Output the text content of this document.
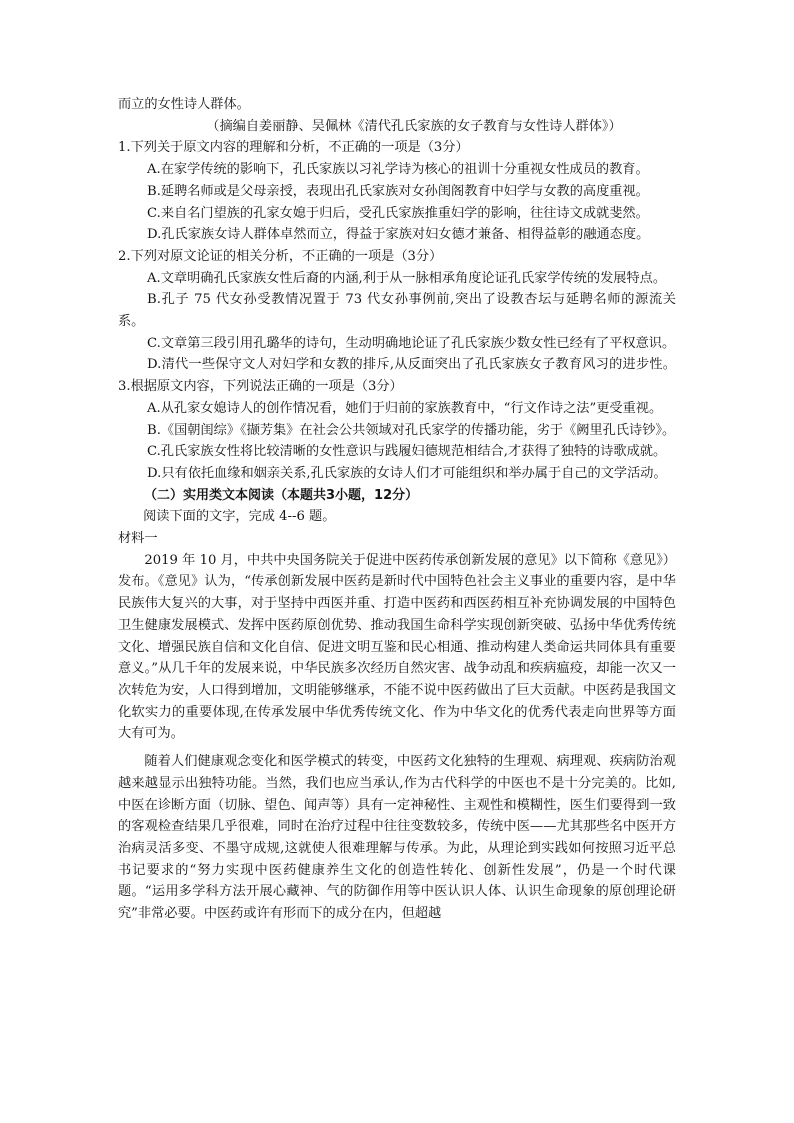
而立的女性诗人群体。

（摘编自姜丽静、吴佩林《清代孔氏家族的女子教育与女性诗人群体》）

1.下列关于原文内容的理解和分析，不正确的一项是（3分）

A.在家学传统的影响下，孔氏家族以习礼学诗为核心的祖训十分重视女性成员的教育。

B.延聘名师或是父母亲授，表现出孔氏家族对女孙闺阁教育中妇学与女教的高度重视。

C.来自名门望族的孔家女媳于归后，受孔氏家族推重妇学的影响，往往诗文成就斐然。

D.孔氏家族女诗人群体卓然而立，得益于家族对妇女德才兼备、相得益彰的融通态度。

2.下列对原文论证的相关分析，不正确的一项是（3分）

A.文章明确孔氏家族女性后裔的内涵,利于从一脉相承角度论证孔氏家学传统的发展特点。

B.孔子 75 代女孙受教情况置于 73 代女孙事例前,突出了设教杏坛与延聘名师的源流关系。

C.文章第三段引用孔璐华的诗句，生动明确地论证了孔氏家族少数女性已经有了平权意识。

D.清代一些保守文人对妇学和女教的排斥,从反面突出了孔氏家族女子教育风习的进步性。3.根据原文内容，下列说法正确的一项是（3分）

A.从孔家女媳诗人的创作情况看，她们于归前的家族教育中，“行文作诗之法”更受重视。

B.《国朝闺综》《撷芳集》在社会公共领域对孔氏家学的传播功能，劣于《阙里孔氏诗钞》。

C.孔氏家族女性将比较清晰的女性意识与践履妇德规范相结合,才获得了独特的诗歌成就。

D.只有依托血缘和姻亲关系,孔氏家族的女诗人们才可能组织和举办属于自己的文学活动。

（二）实用类文本阅读（本题共3小题，12分）

阅读下面的文字，完成 4--6 题。

材料一

2019 年 10 月，中共中央国务院关于促进中医药传承创新发展的意见》以下简称《意见》）发布。《意见》认为，“传承创新发展中医药是新时代中国特色社会主义事业的重要内容，是中华民族伟大复兴的大事，对于坚持中西医并重、打造中医药和西医药相互补充协调发展的中国特色卫生健康发展模式、发挥中医药原创优势、推动我国生命科学实现创新突破、弘扬中华优秀传统文化、增强民族自信和文化自信、促进文明互鉴和民心相通、推动构建人类命运共同体具有重要意义。”从几千年的发展来说，中华民族多次经历自然灾害、战争动乱和疾病瘟疫，却能一次又一次转危为安，人口得到增加，文明能够继承，不能不说中医药做出了巨大贡献。中医药是我国文化软实力的重要体现,在传承发展中华优秀传统文化、作为中华文化的优秀代表走向世界等方面大有可为。

随着人们健康观念变化和医学模式的转变，中医药文化独特的生理观、病理观、疾病防治观越来越显示出独特功能。当然，我们也应当承认,作为古代科学的中医也不是十分完美的。比如,中医在诊断方面（切脉、望色、闻声等）具有一定神秘性、主观性和模糊性，医生们要得到一致的客观检查结果几乎很难，同时在治疗过程中往往变数较多，传统中医——尤其那些名中医开方治病灵活多变、不墨守成规,这就使人很难理解与传承。为此，从理论到实践如何按照习近平总书记要求的“努力实现中医药健康养生文化的创造性转化、创新性发展”，仍是一个时代课题。“运用多学科方法开展心藏神、气的防御作用等中医认识人体、认识生命现象的原创理论研究”非常必要。中医药或许有形而下的成分在内，但超越
